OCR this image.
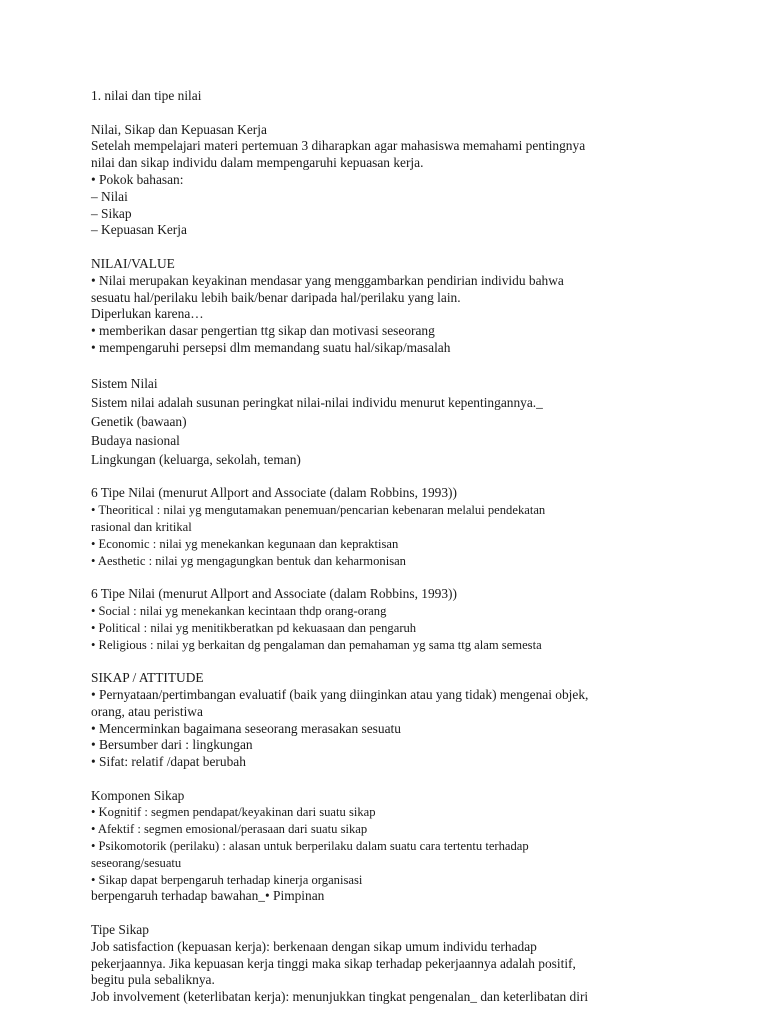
1. nilai dan tipe nilai
Nilai, Sikap dan Kepuasan Kerja
Setelah mempelajari materi pertemuan 3 diharapkan agar mahasiswa memahami pentingnya
nilai dan sikap individu dalam mempengaruhi kepuasan kerja.
• Pokok bahasan:
– Nilai
– Sikap
– Kepuasan Kerja
NILAI/VALUE
• Nilai merupakan keyakinan mendasar yang menggambarkan pendirian individu bahwa
sesuatu hal/perilaku lebih baik/benar daripada hal/perilaku yang lain.
Diperlukan karena…
• memberikan dasar pengertian ttg sikap dan motivasi seseorang
• mempengaruhi persepsi dlm memandang suatu hal/sikap/masalah
Sistem Nilai
Sistem nilai adalah susunan peringkat nilai-nilai individu menurut kepentingannya._
Genetik (bawaan)
Budaya nasional
Lingkungan (keluarga, sekolah, teman)
6 Tipe Nilai (menurut Allport and Associate (dalam Robbins, 1993))
• Theoritical : nilai yg mengutamakan penemuan/pencarian kebenaran melalui pendekatan
rasional dan kritikal
• Economic : nilai yg menekankan kegunaan dan kepraktisan
• Aesthetic : nilai yg mengagungkan bentuk dan keharmonisan
6 Tipe Nilai (menurut Allport and Associate (dalam Robbins, 1993))
• Social : nilai yg menekankan kecintaan thdp orang-orang
• Political : nilai yg menitikberatkan pd kekuasaan dan pengaruh
• Religious : nilai yg berkaitan dg pengalaman dan pemahaman yg sama ttg alam semesta
SIKAP / ATTITUDE
• Pernyataan/pertimbangan evaluatif (baik yang diinginkan atau yang tidak) mengenai objek,
orang, atau peristiwa
• Mencerminkan bagaimana seseorang merasakan sesuatu
• Bersumber dari : lingkungan
• Sifat: relatif /dapat berubah
Komponen Sikap
• Kognitif : segmen pendapat/keyakinan dari suatu sikap
• Afektif : segmen emosional/perasaan dari suatu sikap
• Psikomotorik (perilaku) : alasan untuk berperilaku dalam suatu cara tertentu terhadap
seseorang/sesuatu
• Sikap dapat berpengaruh terhadap kinerja organisasi
berpengaruh terhadap bawahan_• Pimpinan
Tipe Sikap
Job satisfaction (kepuasan kerja): berkenaan dengan sikap umum individu terhadap
pekerjaannya. Jika kepuasan kerja tinggi maka sikap terhadap pekerjaannya adalah positif,
begitu pula sebaliknya.
Job involvement (keterlibatan kerja): menunjukkan tingkat pengenalan_ dan keterlibatan diri
